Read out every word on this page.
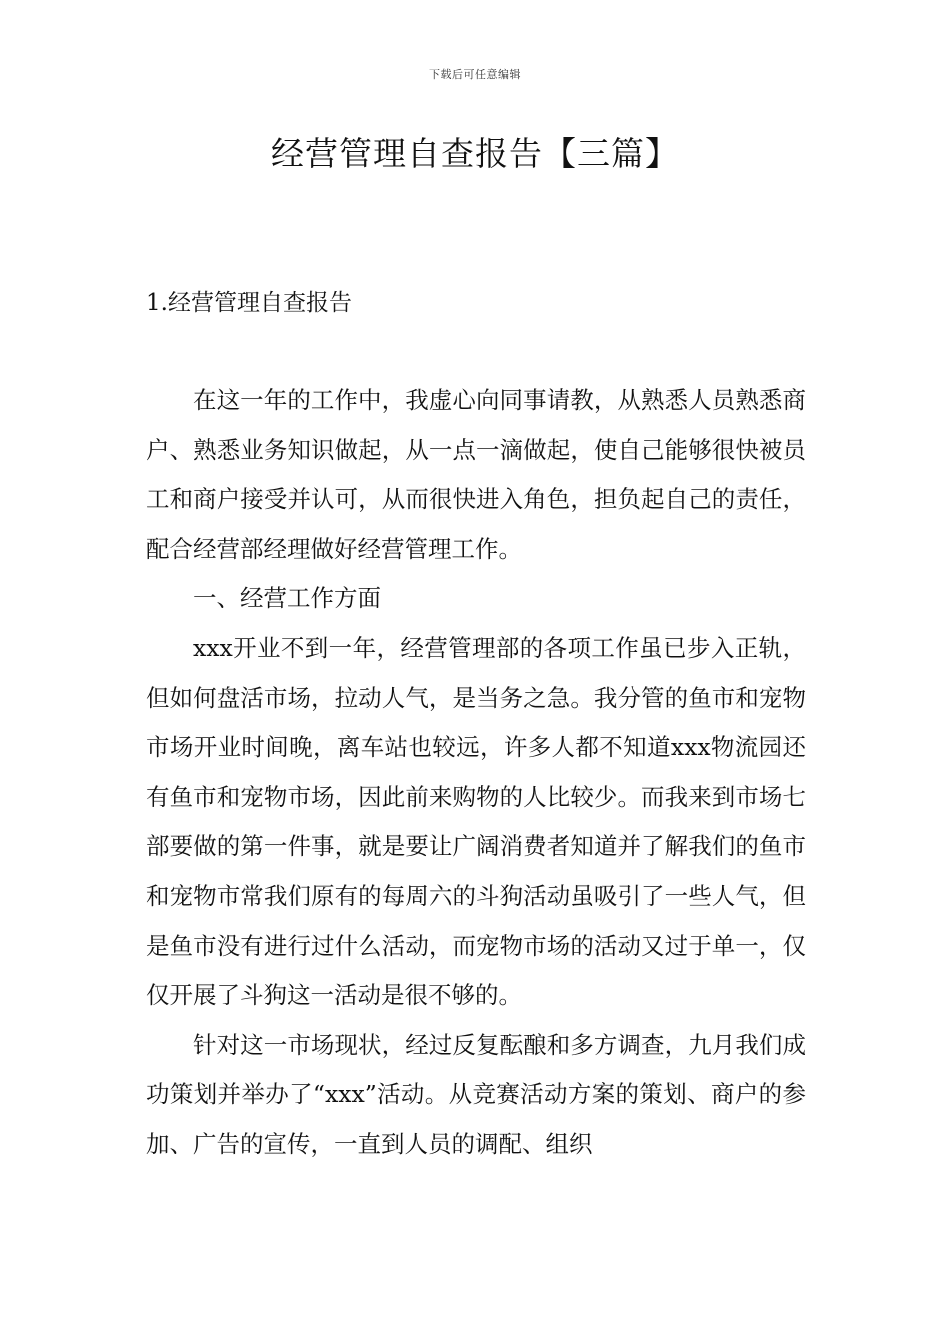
下载后可任意编辑
经营管理自查报告【三篇】
1.经营管理自查报告

在这一年的工作中，我虚心向同事请教，从熟悉人员熟悉商户、熟悉业务知识做起，从一点一滴做起，使自己能够很快被员工和商户接受并认可，从而很快进入角色，担负起自己的责任，配合经营部经理做好经营管理工作。

一、经营工作方面

xxx开业不到一年，经营管理部的各项工作虽已步入正轨，但如何盘活市场，拉动人气，是当务之急。我分管的鱼市和宠物市场开业时间晚，离车站也较远，许多人都不知道xxx物流园还有鱼市和宠物市场，因此前来购物的人比较少。而我来到市场七部要做的第一件事，就是要让广阔消费者知道并了解我们的鱼市和宠物市常我们原有的每周六的斗狗活动虽吸引了一些人气，但是鱼市没有进行过什么活动，而宠物市场的活动又过于单一，仅仅开展了斗狗这一活动是很不够的。

针对这一市场现状，经过反复酝酿和多方调查，九月我们成功策划并举办了“xxx”活动。从竞赛活动方案的策划、商户的参加、广告的宣传，一直到人员的调配、组织
